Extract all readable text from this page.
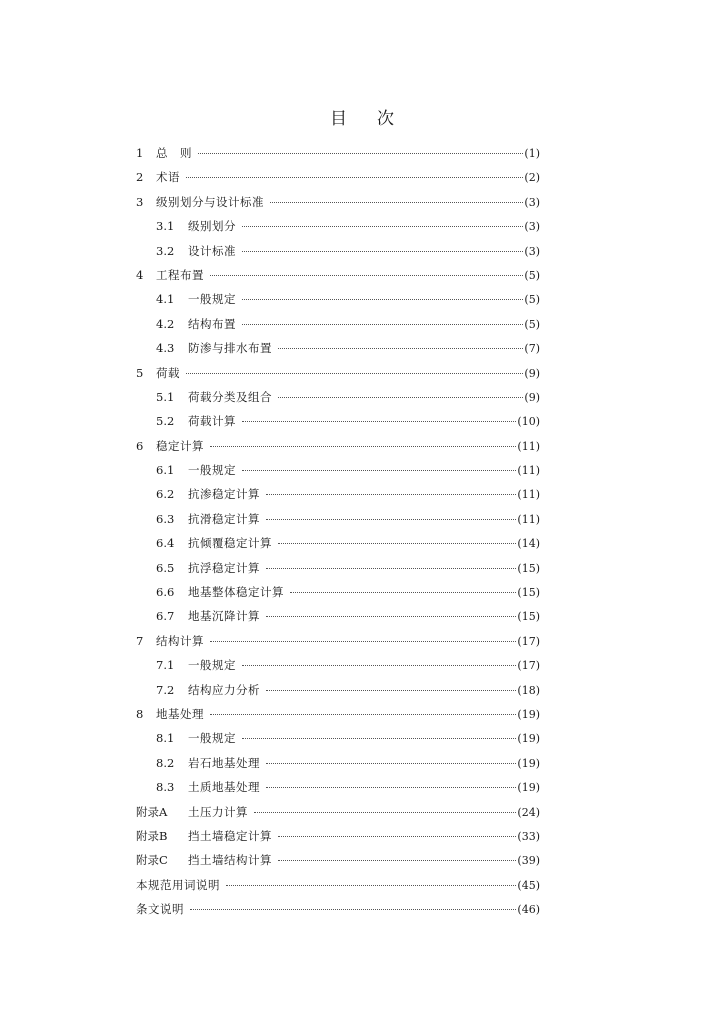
目 次
1	总　则	(1)
2	术语	(2)
3	级别划分与设计标准	(3)
3.1	级别划分	(3)
3.2	设计标准	(3)
4	工程布置	(5)
4.1	一般规定	(5)
4.2	结构布置	(5)
4.3	防渗与排水布置	(7)
5	荷载	(9)
5.1	荷载分类及组合	(9)
5.2	荷载计算	(10)
6	稳定计算	(11)
6.1	一般规定	(11)
6.2	抗渗稳定计算	(11)
6.3	抗滑稳定计算	(11)
6.4	抗倾覆稳定计算	(14)
6.5	抗浮稳定计算	(15)
6.6	地基整体稳定计算	(15)
6.7	地基沉降计算	(15)
7	结构计算	(17)
7.1	一般规定	(17)
7.2	结构应力分析	(18)
8	地基处理	(19)
8.1	一般规定	(19)
8.2	岩石地基处理	(19)
8.3	土质地基处理	(19)
附录A	土压力计算	(24)
附录B	挡土墙稳定计算	(33)
附录C	挡土墙结构计算	(39)
本规范用词说明	(45)
条文说明	(46)
